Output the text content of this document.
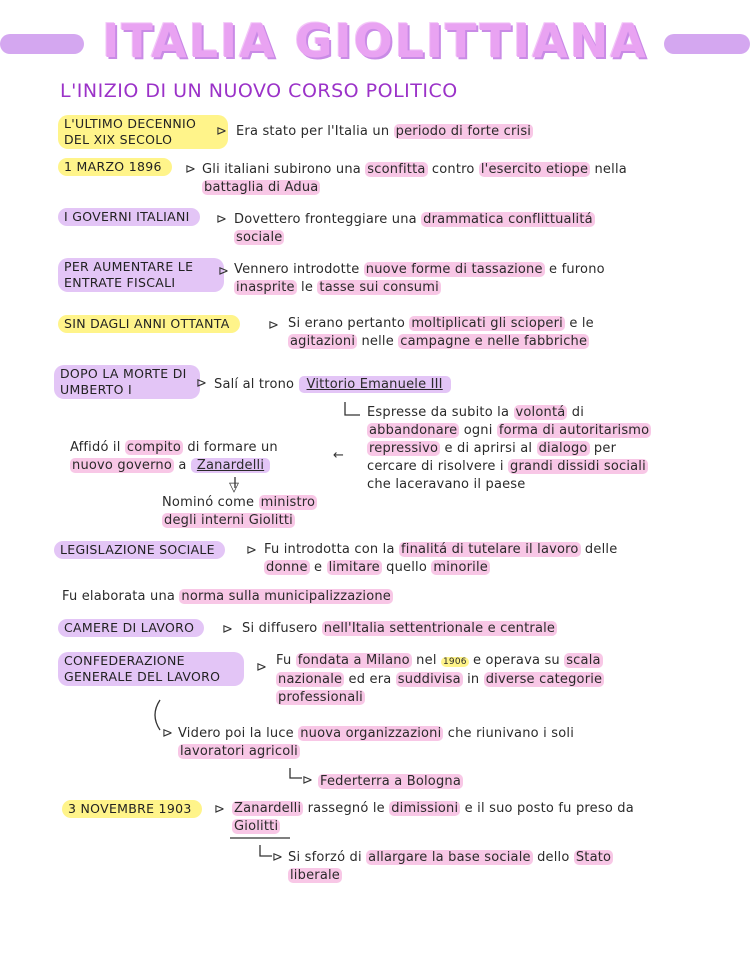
ITALIA GIOLITTIANA
L'INIZIO DI UN NUOVO CORSO POLITICO
L'ULTIMO DECENNIO DEL XIX SECOLO
⊳ Era stato per l'Italia un periodo di forte crisi
1 MARZO 1896	⊳ Gli italiani subirono una sconfitta contro l'esercito etiope nella
battaglia di Adua
I GOVERNI ITALIANI	⊳ Dovettero fronteggiare una drammatica conflittualitá
sociale
PER AUMENTARE LE ENTRATE FISCALI
⊳ Vennero introdotte nuove forme di tassazione e furono
inasprite le tasse sui consumi
SIN DAGLI ANNI OTTANTA	⊳ Si erano pertanto moltiplicati gli scioperi e le
agitazioni nelle campagne e nelle fabbriche
DOPO LA MORTE DI UMBERTO I	⊳ Salí al trono Vittorio Emanuele III
Espresse da subito la volontá di
abbandonare ogni forma di autoritarismo
repressivo e di aprirsi al dialogo per
cercare di risolvere i grandi dissidi sociali
che laceravano il paese
←
Affidó il compito di formare un
nuovo governo a Zanardelli
▽
Nominó come ministro
degli interni Giolitti
LEGISLAZIONE SOCIALE	⊳ Fu introdotta con la finalitá di tutelare il lavoro delle
donne e limitare quello minorile
Fu elaborata una norma sulla municipalizzazione
CAMERE DI LAVORO	⊳ Si diffusero nell'Italia settentrionale e centrale
CONFEDERAZIONE GENERALE DEL LAVORO
⊳ Fu fondata a Milano nel 1906 e operava su scala
nazionale ed era suddivisa in diverse categorie
professionali
⊳ Videro poi la luce nuova organizzazioni che riunivano i soli
lavoratori agricoli
⊳ Federterra a Bologna
3 NOVEMBRE 1903	⊳ Zanardelli rassegnó le dimissioni e il suo posto fu preso da
Giolitti
⊳ Si sforzó di allargare la base sociale dello Stato
liberale
